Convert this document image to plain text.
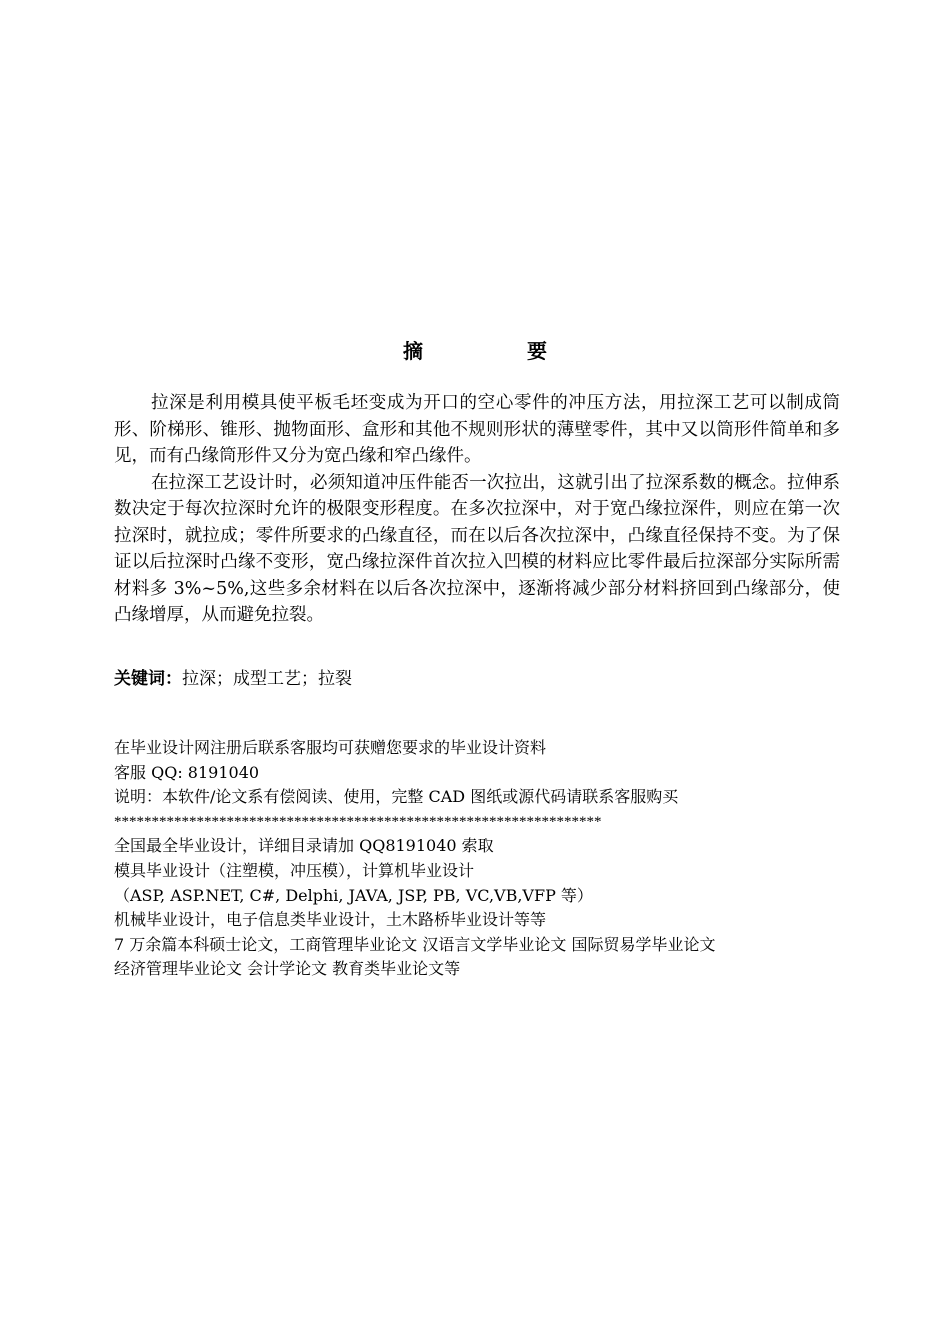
摘　要

拉深是利用模具使平板毛坯变成为开口的空心零件的冲压方法，用拉深工艺可以制成筒形、阶梯形、锥形、抛物面形、盒形和其他不规则形状的薄壁零件，其中又以筒形件简单和多见，而有凸缘筒形件又分为宽凸缘和窄凸缘件。

在拉深工艺设计时，必须知道冲压件能否一次拉出，这就引出了拉深系数的概念。拉伸系数决定于每次拉深时允许的极限变形程度。在多次拉深中，对于宽凸缘拉深件，则应在第一次拉深时，就拉成；零件所要求的凸缘直径，而在以后各次拉深中，凸缘直径保持不变。为了保证以后拉深时凸缘不变形，宽凸缘拉深件首次拉入凹模的材料应比零件最后拉深部分实际所需材料多 3%~5%,这些多余材料在以后各次拉深中，逐渐将减少部分材料挤回到凸缘部分，使凸缘增厚，从而避免拉裂。

关键词：拉深；成型工艺；拉裂
在毕业设计网注册后联系客服均可获赠您要求的毕业设计资料
客服 QQ: 8191040
说明：本软件/论文系有偿阅读、使用，完整 CAD 图纸或源代码请联系客服购买
*****************************************************************
全国最全毕业设计，详细目录请加 QQ8191040 索取
模具毕业设计（注塑模，冲压模），计算机毕业设计
（ASP, ASP.NET, C#, Delphi, JAVA, JSP, PB, VC,VB,VFP 等）
机械毕业设计，电子信息类毕业设计，土木路桥毕业设计等等
7 万余篇本科硕士论文，工商管理毕业论文 汉语言文学毕业论文 国际贸易学毕业论文
经济管理毕业论文 会计学论文 教育类毕业论文等
